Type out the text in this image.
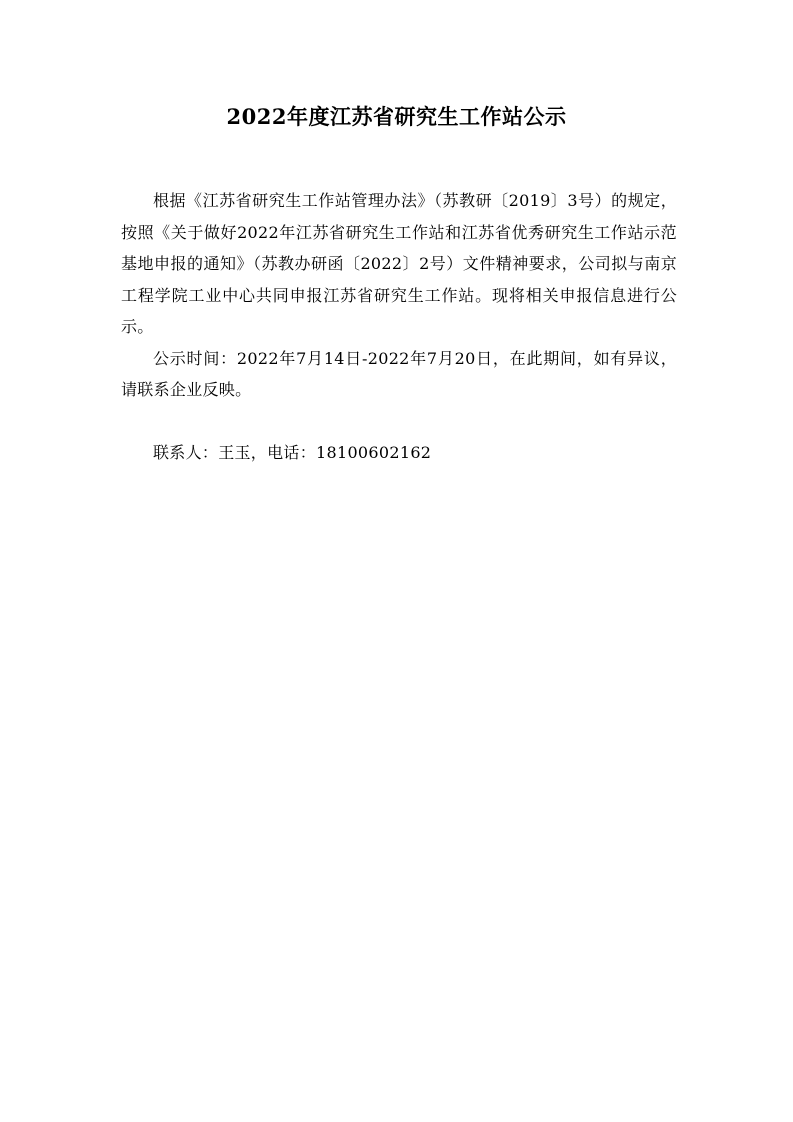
2022年度江苏省研究生工作站公示

根据《江苏省研究生工作站管理办法》（苏教研〔2019〕3号）的规定，按照《关于做好2022年江苏省研究生工作站和江苏省优秀研究生工作站示范基地申报的通知》（苏教办研函〔2022〕2号）文件精神要求，公司拟与南京工程学院工业中心共同申报江苏省研究生工作站。现将相关申报信息进行公示。

公示时间：2022年7月14日-2022年7月20日，在此期间，如有异议，请联系企业反映。

联系人：王玉，电话：18100602162
